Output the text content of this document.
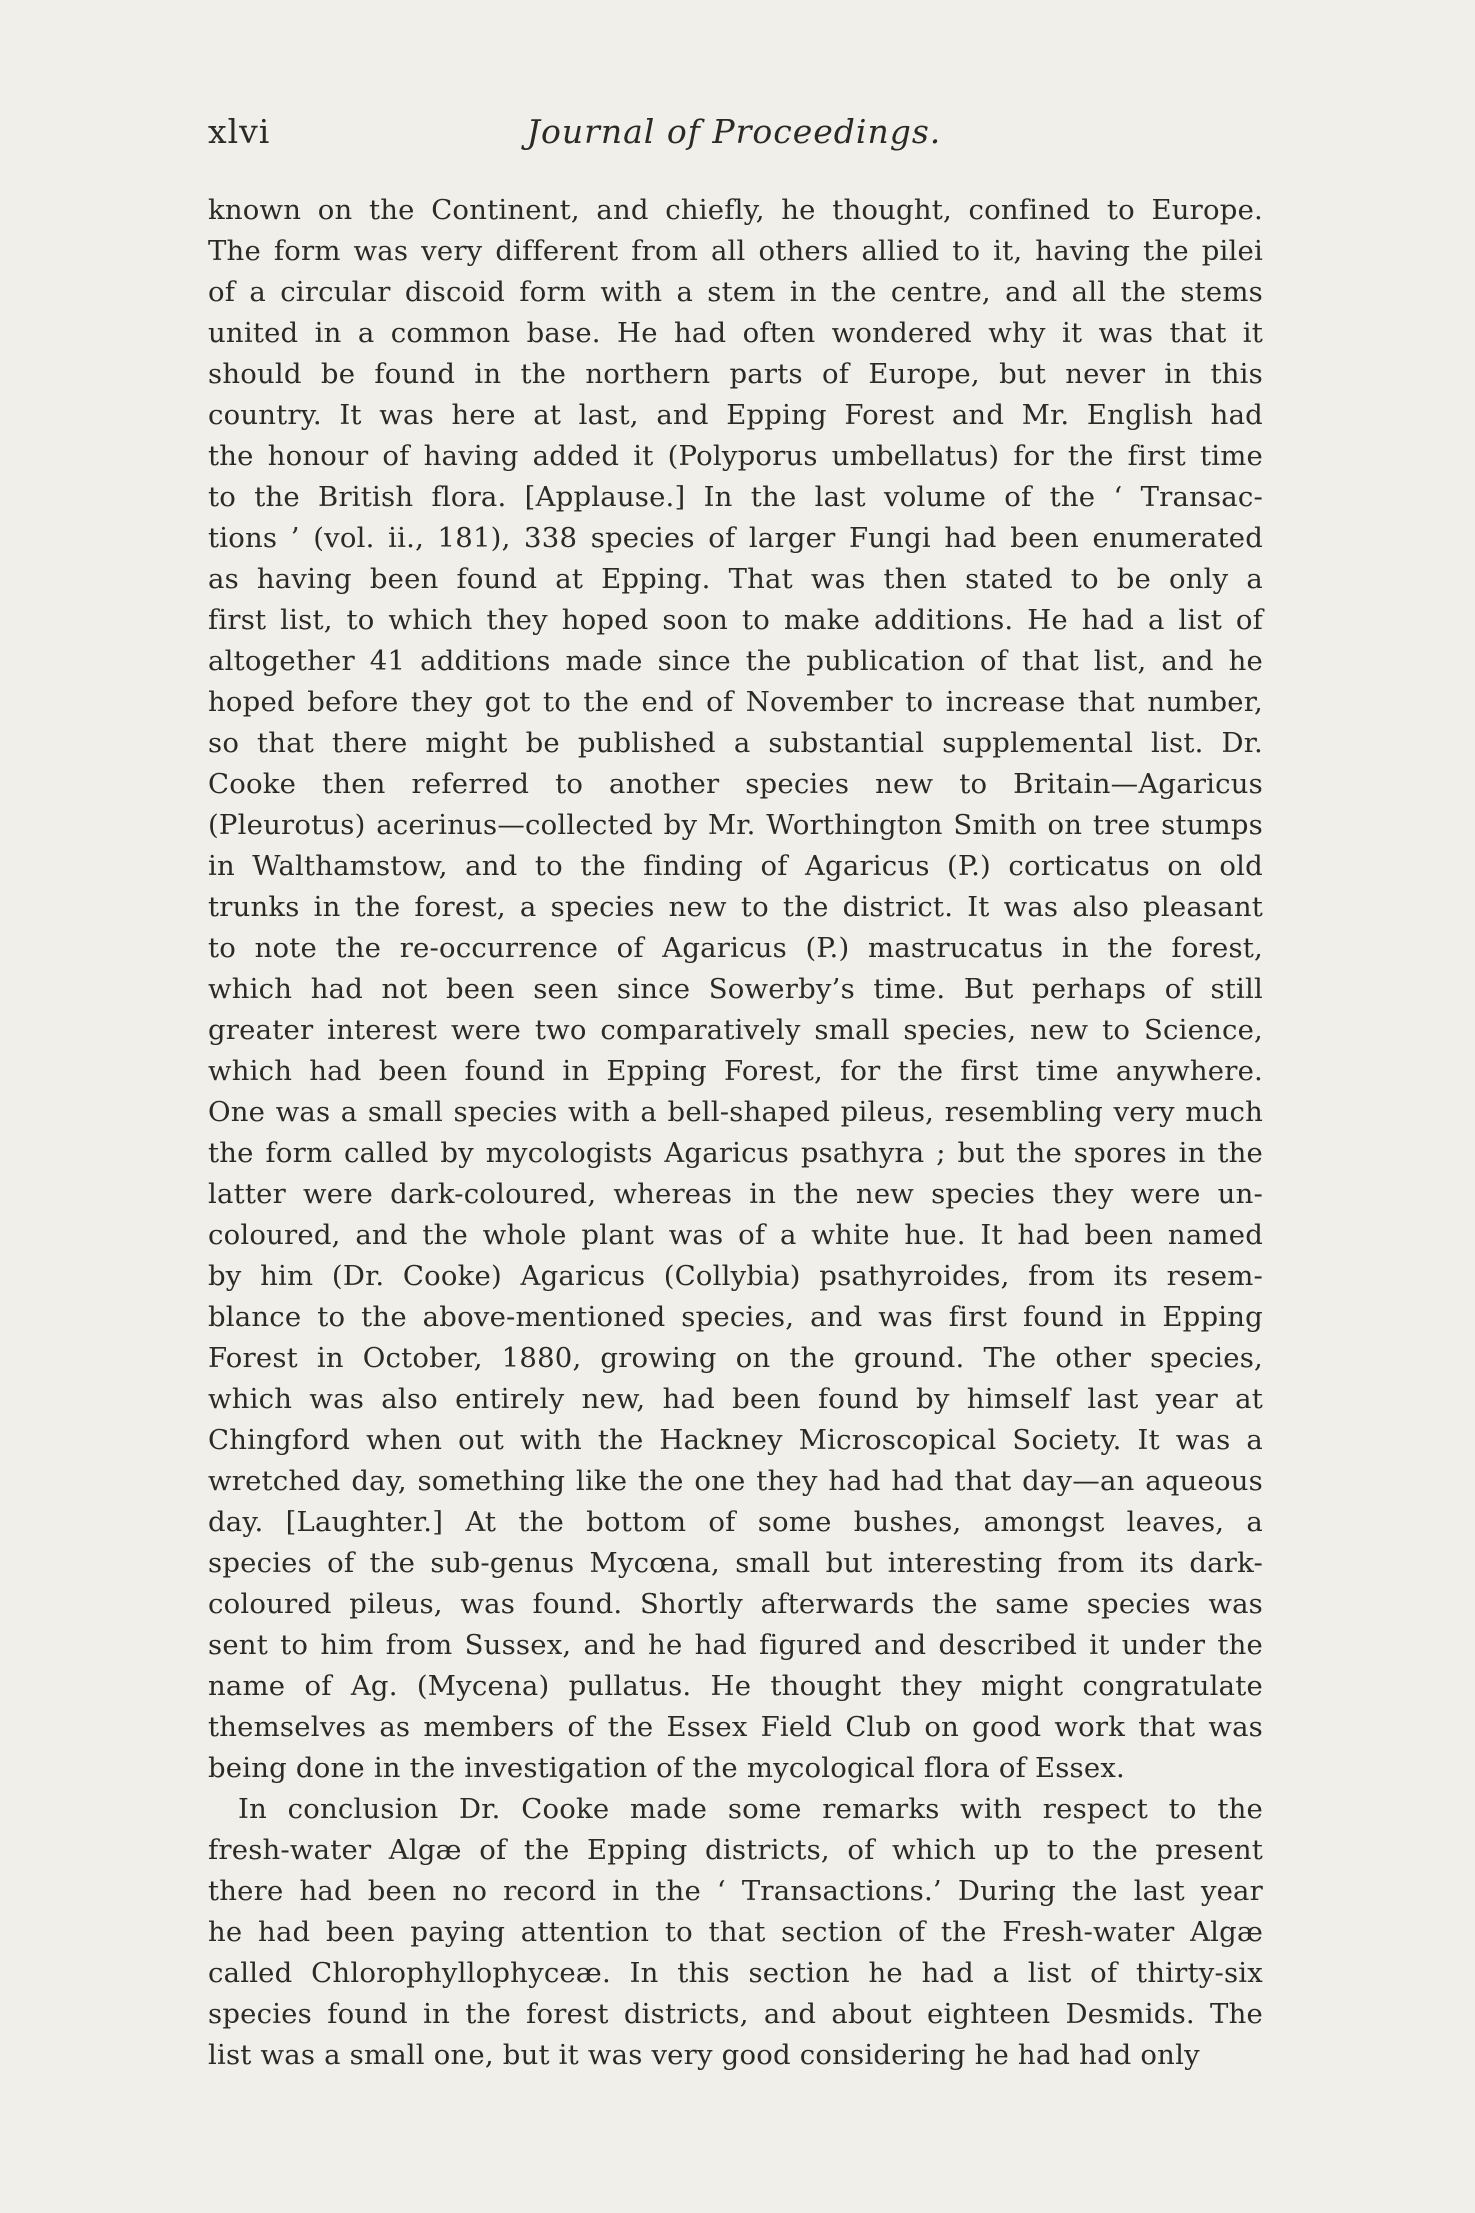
xlvi	Journal of Proceedings.
known on the Continent, and chiefly, he thought, confined to Europe.
The form was very different from all others allied to it, having the pilei
of a circular discoid form with a stem in the centre, and all the stems
united in a common base. He had often wondered why it was that it
should be found in the northern parts of Europe, but never in this
country. It was here at last, and Epping Forest and Mr. English had
the honour of having added it (Polyporus umbellatus) for the first time
to the British flora. [Applause.] In the last volume of the ‘ Transac-
tions ’ (vol. ii., 181), 338 species of larger Fungi had been enumerated
as having been found at Epping. That was then stated to be only a
first list, to which they hoped soon to make additions. He had a list of
altogether 41 additions made since the publication of that list, and he
hoped before they got to the end of November to increase that number,
so that there might be published a substantial supplemental list. Dr.
Cooke then referred to another species new to Britain—Agaricus
(Pleurotus) acerinus—collected by Mr. Worthington Smith on tree stumps
in Walthamstow, and to the finding of Agaricus (P.) corticatus on old
trunks in the forest, a species new to the district. It was also pleasant
to note the re-occurrence of Agaricus (P.) mastrucatus in the forest,
which had not been seen since Sowerby’s time. But perhaps of still
greater interest were two comparatively small species, new to Science,
which had been found in Epping Forest, for the first time anywhere.
One was a small species with a bell-shaped pileus, resembling very much
the form called by mycologists Agaricus psathyra ; but the spores in the
latter were dark-coloured, whereas in the new species they were un-
coloured, and the whole plant was of a white hue. It had been named
by him (Dr. Cooke) Agaricus (Collybia) psathyroides, from its resem-
blance to the above-mentioned species, and was first found in Epping
Forest in October, 1880, growing on the ground. The other species,
which was also entirely new, had been found by himself last year at
Chingford when out with the Hackney Microscopical Society. It was a
wretched day, something like the one they had had that day—an aqueous
day. [Laughter.] At the bottom of some bushes, amongst leaves, a
species of the sub-genus Mycœna, small but interesting from its dark-
coloured pileus, was found. Shortly afterwards the same species was
sent to him from Sussex, and he had figured and described it under the
name of Ag. (Mycena) pullatus. He thought they might congratulate
themselves as members of the Essex Field Club on good work that was
being done in the investigation of the mycological flora of Essex.
In conclusion Dr. Cooke made some remarks with respect to the
fresh-water Algæ of the Epping districts, of which up to the present
there had been no record in the ‘ Transactions.’ During the last year
he had been paying attention to that section of the Fresh-water Algæ
called Chlorophyllophyceæ. In this section he had a list of thirty-six
species found in the forest districts, and about eighteen Desmids. The
list was a small one, but it was very good considering he had had only
